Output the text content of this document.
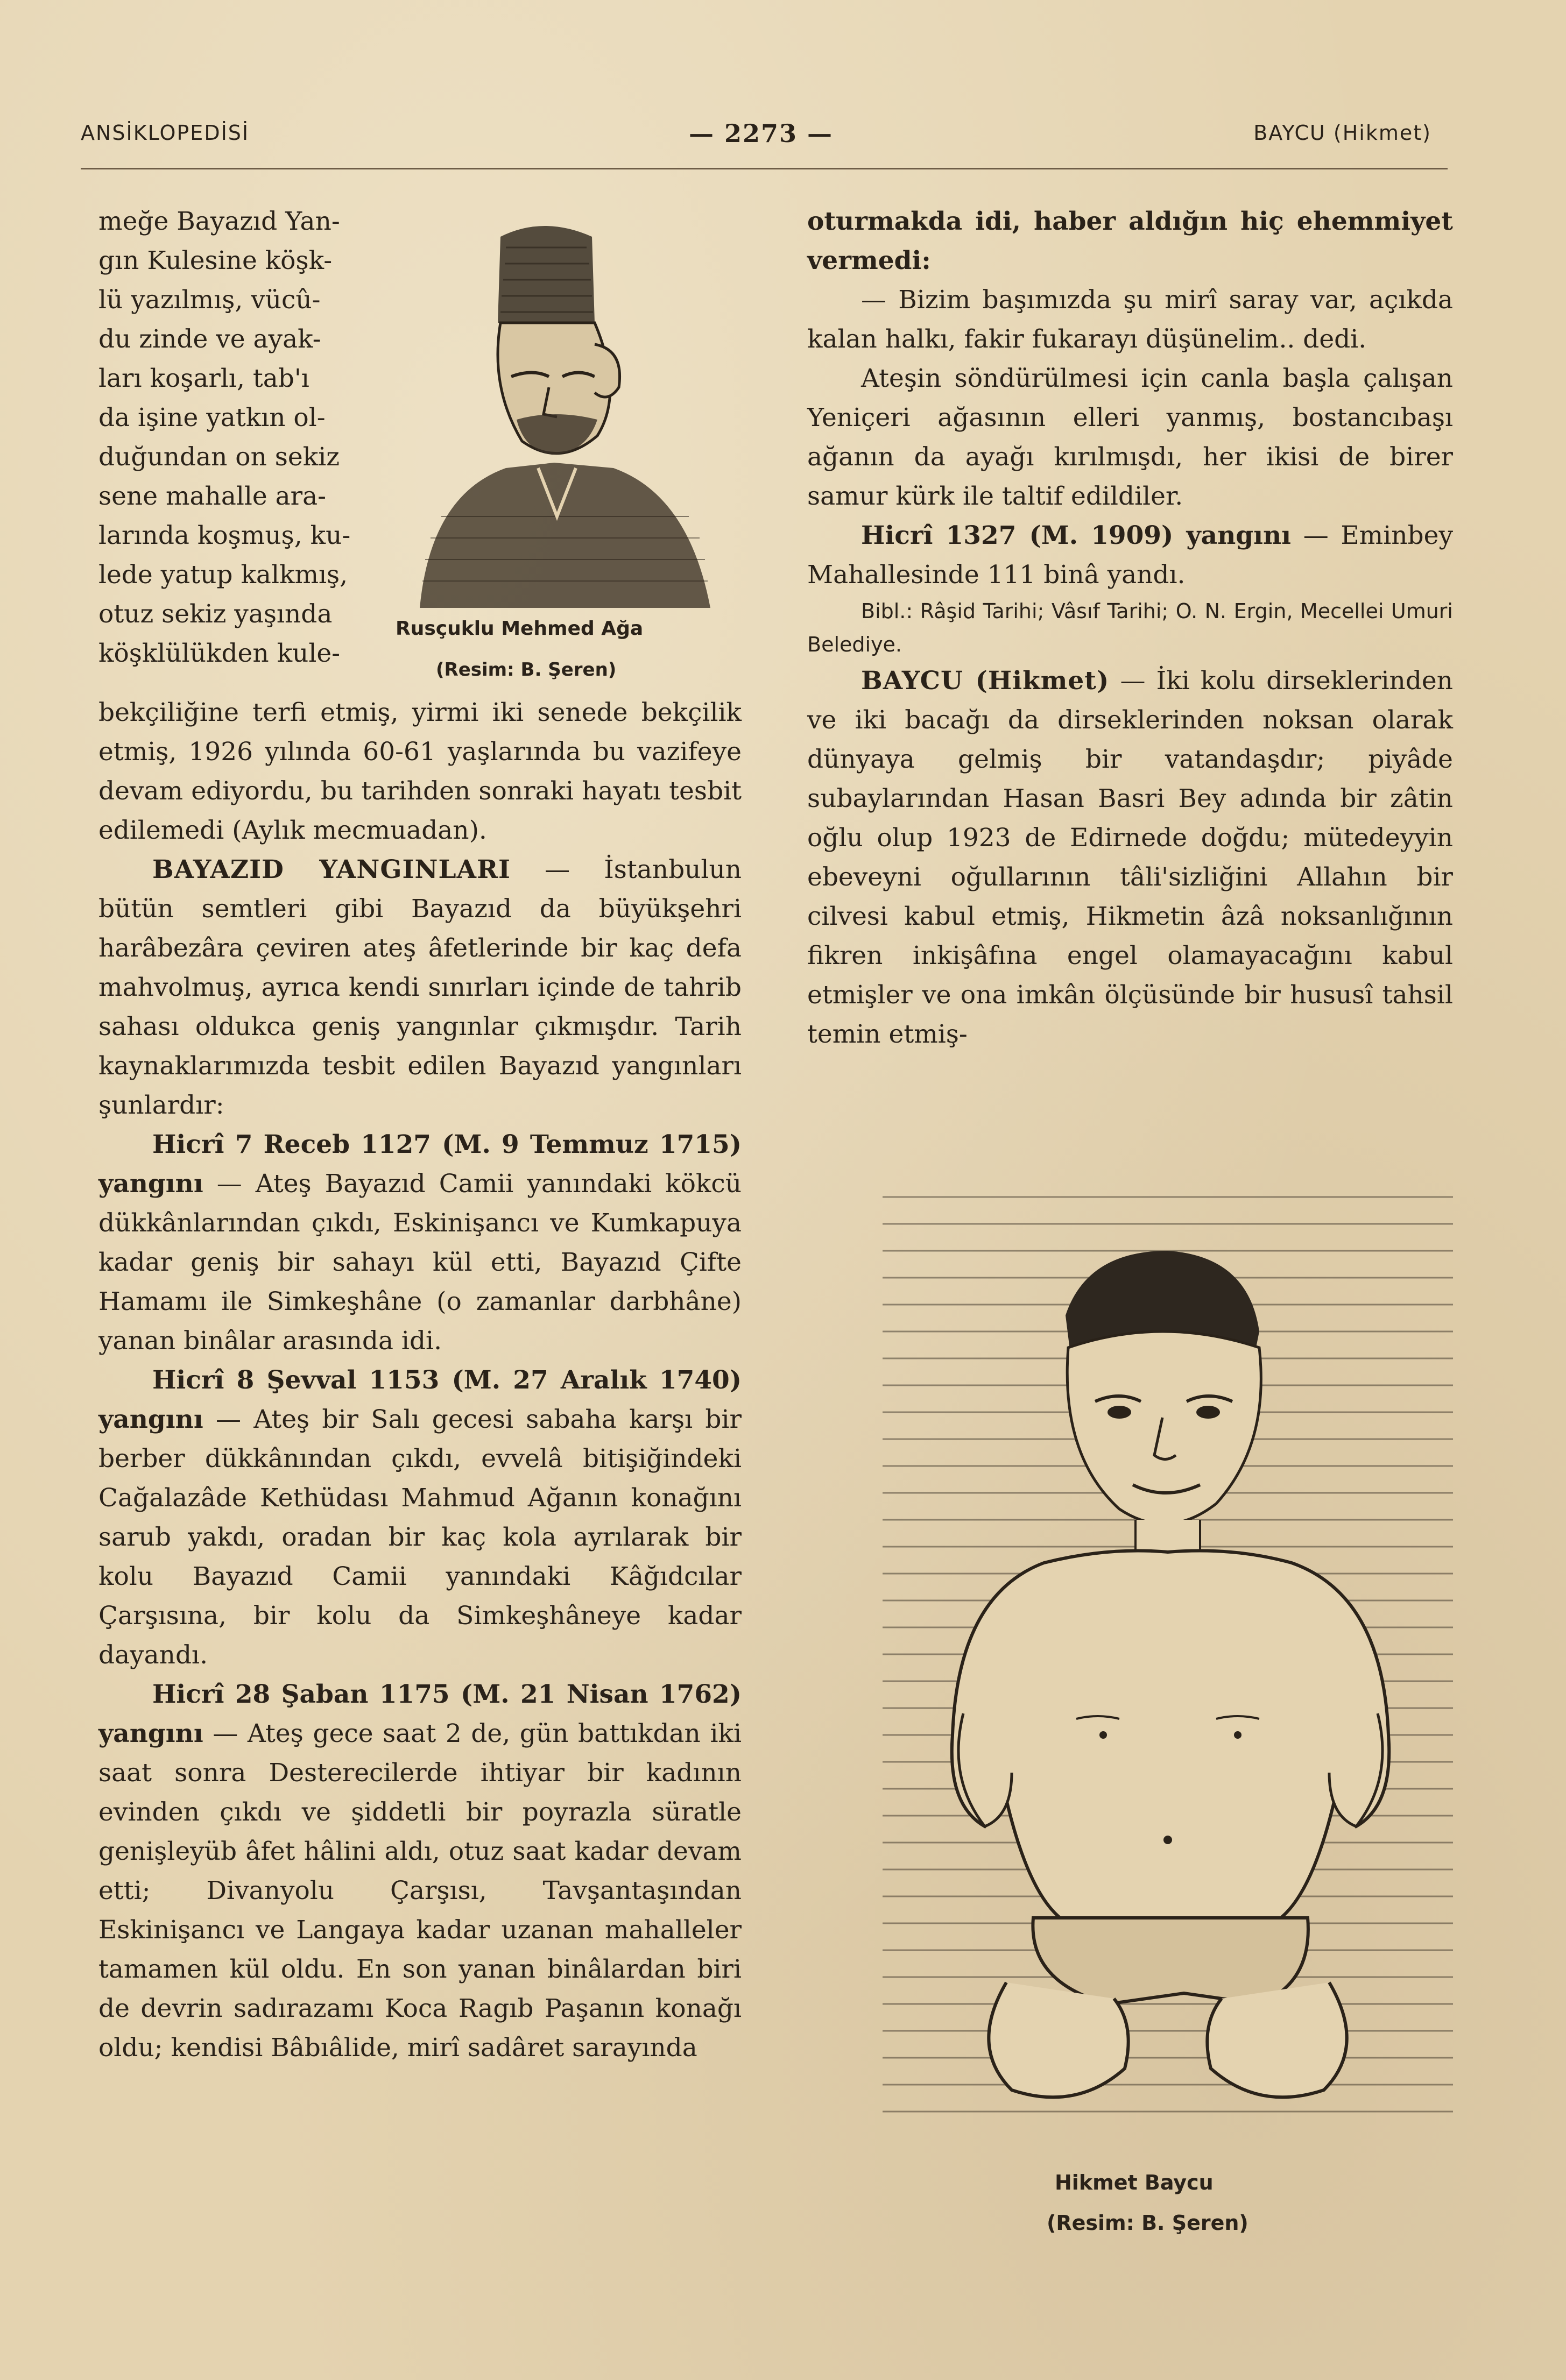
ANSİKLOPEDİSİ	— 2273 —	BAYCU (Hikmet)

meğe Bayazıd Yan-

gın Kulesine köşk-

lü yazılmış, vücû-

du zinde ve ayak-

ları koşarlı, tab'ı

da işine yatkın ol-

duğundan on sekiz

sene mahalle ara-

larında koşmuş, ku-

lede yatup kalkmış,

otuz sekiz yaşında

köşklülükden kule-

Rusçuklu Mehmed Ağa
(Resim: B. Şeren)

bekçiliğine terfi etmiş, yirmi iki senede bekçilik etmiş, 1926 yılında 60-61 yaşlarında bu vazifeye devam ediyordu, bu tarihden sonraki hayatı tesbit edilemedi (Aylık mecmuadan).

BAYAZID YANGINLARI — İstanbulun bütün semtleri gibi Bayazıd da büyükşehri harâbezâra çeviren ateş âfetlerinde bir kaç defa mahvolmuş, ayrıca kendi sınırları içinde de tahrib sahası oldukca geniş yangınlar çıkmışdır. Tarih kaynaklarımızda tesbit edilen Bayazıd yangınları şunlardır:

Hicrî 7 Receb 1127 (M. 9 Temmuz 1715) yangını — Ateş Bayazıd Camii yanındaki kökcü dükkânlarından çıkdı, Eskinişancı ve Kumkapuya kadar geniş bir sahayı kül etti, Bayazıd Çifte Hamamı ile Simkeşhâne (o zamanlar darbhâne) yanan binâlar arasında idi.

Hicrî 8 Şevval 1153 (M. 27 Aralık 1740) yangını — Ateş bir Salı gecesi sabaha karşı bir berber dükkânından çıkdı, evvelâ bitişiğindeki Cağalazâde Kethüdası Mahmud Ağanın konağını sarub yakdı, oradan bir kaç kola ayrılarak bir kolu Bayazıd Camii yanındaki Kâğıdcılar Çarşısına, bir kolu da Simkeşhâneye kadar dayandı.

Hicrî 28 Şaban 1175 (M. 21 Nisan 1762) yangını — Ateş gece saat 2 de, gün battıkdan iki saat sonra Desterecilerde ihtiyar bir kadının evinden çıkdı ve şiddetli bir poyrazla süratle genişleyüb âfet hâlini aldı, otuz saat kadar devam etti; Divanyolu Çarşısı, Tavşantaşından Eskinişancı ve Langaya kadar uzanan mahalleler tamamen kül oldu. En son yanan binâlardan biri de devrin sadırazamı Koca Ragıb Paşanın konağı oldu; kendisi Bâbıâlide, mirî sadâret sarayında

oturmakda idi, haber aldığın hiç ehemmiyet vermedi:

— Bizim başımızda şu mirî saray var, açıkda kalan halkı, fakir fukarayı düşünelim.. dedi.

Ateşin söndürülmesi için canla başla çalışan Yeniçeri ağasının elleri yanmış, bostancıbaşı ağanın da ayağı kırılmışdı, her ikisi de birer samur kürk ile taltif edildiler.

Hicrî 1327 (M. 1909) yangını — Eminbey Mahallesinde 111 binâ yandı.

Bibl.: Râşid Tarihi; Vâsıf Tarihi; O. N. Ergin, Mecellei Umuri Belediye.

BAYCU (Hikmet) — İki kolu dirseklerinden ve iki bacağı da dirseklerinden noksan olarak dünyaya gelmiş bir vatandaşdır; piyâde subaylarından Hasan Basri Bey adında bir zâtin oğlu olup 1923 de Edirnede doğdu; mütedeyyin ebeveyni oğullarının tâli'sizliğini Allahın bir cilvesi kabul etmiş, Hikmetin âzâ noksanlığının fikren inkişâfına engel olamayacağını kabul etmişler ve ona imkân ölçüsünde bir hususî tahsil temin etmiş-

Hikmet Baycu
(Resim: B. Şeren)
